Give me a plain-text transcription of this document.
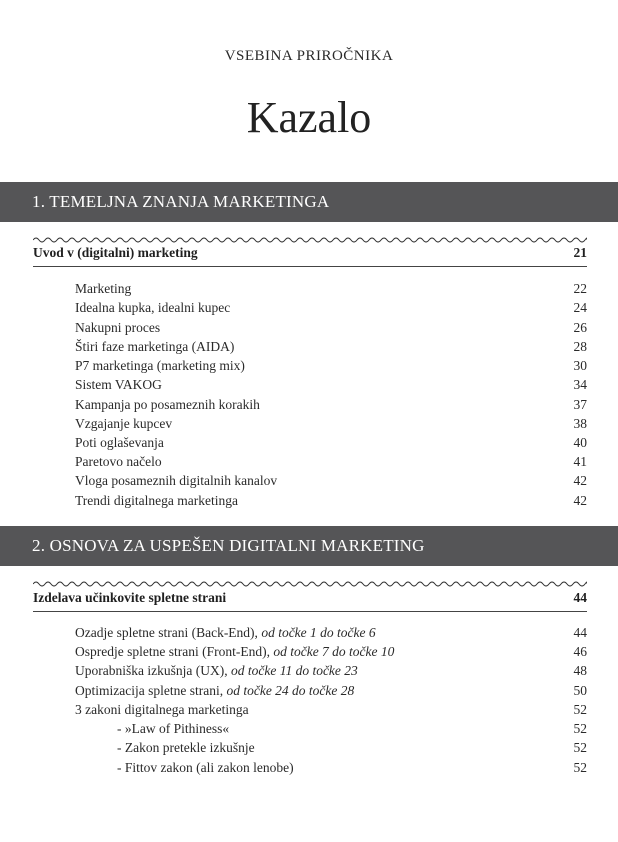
VSEBINA PRIROČNIKA
Kazalo
1. TEMELJNA ZNANJA MARKETINGA
Uvod v (digitalni) marketing	21
Marketing	22
Idealna kupka, idealni kupec	24
Nakupni proces	26
Štiri faze marketinga (AIDA)	28
P7 marketinga (marketing mix)	30
Sistem VAKOG	34
Kampanja po posameznih korakih	37
Vzgajanje kupcev	38
Poti oglaševanja	40
Paretovo načelo	41
Vloga posameznih digitalnih kanalov	42
Trendi digitalnega marketinga	42
2. OSNOVA ZA USPEŠEN DIGITALNI MARKETING
Izdelava učinkovite spletne strani	44
Ozadje spletne strani (Back-End), od točke 1 do točke 6	44
Ospredje spletne strani (Front-End), od točke 7 do točke 10	46
Uporabniška izkušnja (UX), od točke 11 do točke 23	48
Optimizacija spletne strani, od točke 24 do točke 28	50
3 zakoni digitalnega marketinga	52
- »Law of Pithiness«	52
- Zakon pretekle izkušnje	52
- Fittov zakon (ali zakon lenobe)	52
